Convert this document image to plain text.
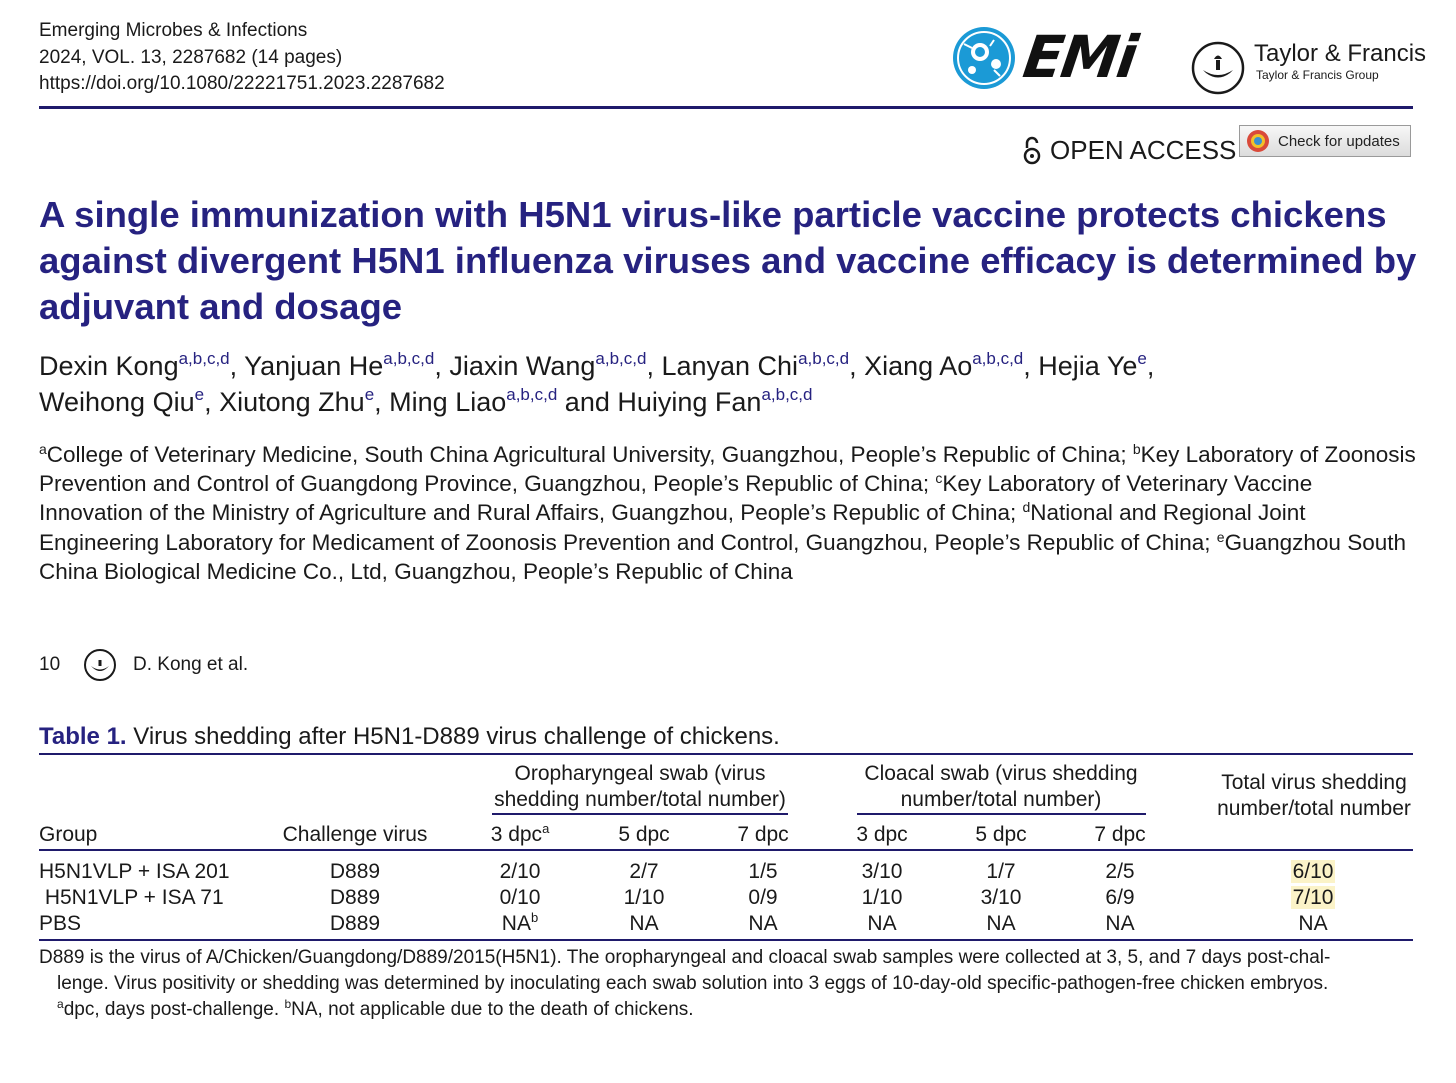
Emerging Microbes & Infections
2024, VOL. 13, 2287682 (14 pages)
https://doi.org/10.1080/22221751.2023.2287682	EMi	Taylor & Francis
Taylor & Francis Group
OPEN ACCESS	Check for updates
A single immunization with H5N1 virus-like particle vaccine protects chickens against divergent H5N1 influenza viruses and vaccine efficacy is determined by adjuvant and dosage
Dexin Kong$^{a,b,c,d}$, Yanjuan He$^{a,b,c,d}$, Jiaxin Wang$^{a,b,c,d}$, Lanyan Chi$^{a,b,c,d}$, Xiang Ao$^{a,b,c,d}$, Hejia Ye$^e$,
Weihong Qiu$^e$, Xiutong Zhu$^e$, Ming Liao$^{a,b,c,d}$ and Huiying Fan$^{a,b,c,d}$
$^a$College of Veterinary Medicine, South China Agricultural University, Guangzhou, People’s Republic of China; $^b$Key Laboratory of Zoonosis Prevention and Control of Guangdong Province, Guangzhou, People’s Republic of China; $^c$Key Laboratory of Veterinary Vaccine Innovation of the Ministry of Agriculture and Rural Affairs, Guangzhou, People’s Republic of China; $^d$National and Regional Joint Engineering Laboratory for Medicament of Zoonosis Prevention and Control, Guangzhou, People’s Republic of China; $^e$Guangzhou South China Biological Medicine Co., Ltd, Guangzhou, People’s Republic of China
10	D. Kong et al.
Table 1. Virus shedding after H5N1-D889 virus challenge of chickens.
Oropharyngeal swab (virus
shedding number/total number)
Cloacal swab (virus shedding
number/total number)
Total virus shedding
number/total number
Group	Challenge virus	3 dpc$^a$	5 dpc	7 dpc	3 dpc	5 dpc	7 dpc
H5N1VLP + ISA 201	D889	2/10	2/7	1/5	3/10	1/7	2/5	6/10
H5N1VLP + ISA 71	D889	0/10	1/10	0/9	1/10	3/10	6/9	7/10
PBS	D889	$NA^b$	NA	NA	NA	NA	NA	NA
D889 is the virus of A/Chicken/Guangdong/D889/2015(H5N1). The oropharyngeal and cloacal swab samples were collected at 3, 5, and 7 days post-chal-
lenge. Virus positivity or shedding was determined by inoculating each swab solution into 3 eggs of 10-day-old specific-pathogen-free chicken embryos.
$^a$dpc, days post-challenge. $^b$NA, not applicable due to the death of chickens.
